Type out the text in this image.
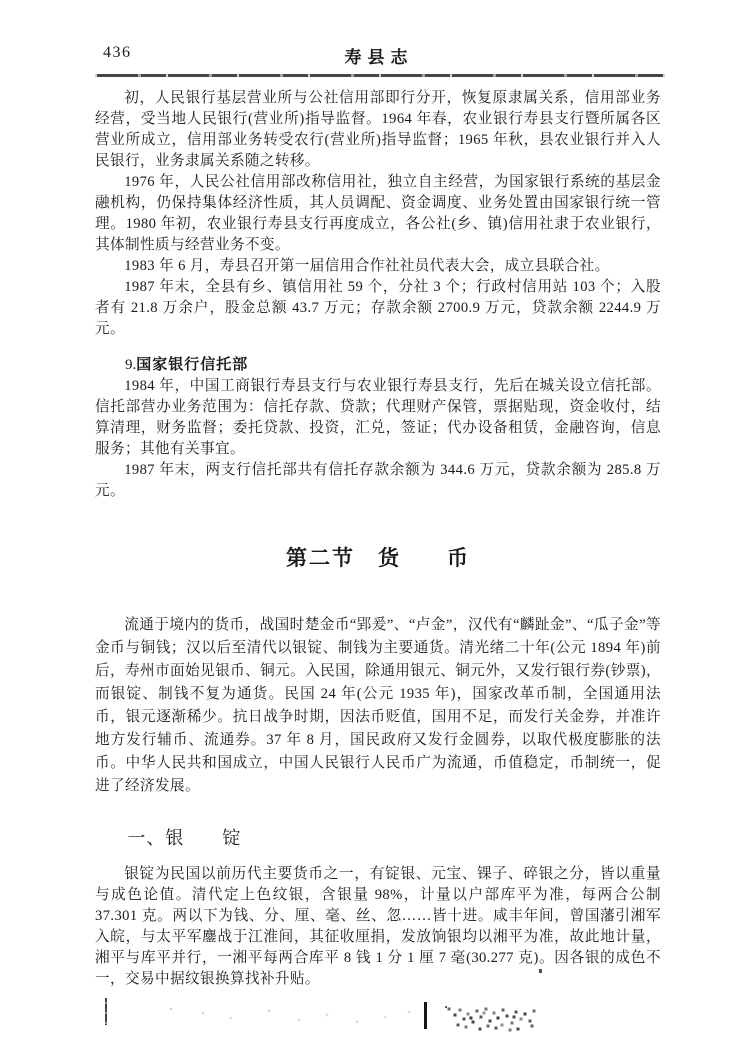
436	寿县志

初，人民银行基层营业所与公社信用部即行分开，恢复原隶属关系，信用部业务经营，受当地人民银行(营业所)指导监督。1964 年春，农业银行寿县支行暨所属各区营业所成立，信用部业务转受农行(营业所)指导监督；1965 年秋，县农业银行并入人民银行，业务隶属关系随之转移。

1976 年，人民公社信用部改称信用社，独立自主经营，为国家银行系统的基层金融机构，仍保持集体经济性质，其人员调配、资金调度、业务处置由国家银行统一管理。1980 年初，农业银行寿县支行再度成立，各公社(乡、镇)信用社隶于农业银行，其体制性质与经营业务不变。

1983 年 6 月，寿县召开第一届信用合作社社员代表大会，成立县联合社。

1987 年末，全县有乡、镇信用社 59 个，分社 3 个；行政村信用站 103 个；入股者有 21.8 万余户，股金总额 43.7 万元；存款余额 2700.9 万元，贷款余额 2244.9 万元。

9.国家银行信托部

1984 年，中国工商银行寿县支行与农业银行寿县支行，先后在城关设立信托部。信托部营办业务范围为：信托存款、贷款；代理财产保管，票据贴现，资金收付，结算清理，财务监督；委托贷款、投资，汇兑，签证；代办设备租赁，金融咨询，信息服务；其他有关事宜。

1987 年末，两支行信托部共有信托存款余额为 344.6 万元，贷款余额为 285.8 万元。

第二节　货　　币

流通于境内的货币，战国时楚金币“郢爰”、“卢金”，汉代有“麟趾金”、“瓜子金”等金币与铜钱；汉以后至清代以银锭、制钱为主要通货。清光绪二十年(公元 1894 年)前后，寿州市面始见银币、铜元。入民国，除通用银元、铜元外，又发行银行券(钞票)，而银锭、制钱不复为通货。民国 24 年(公元 1935 年)，国家改革币制，全国通用法币，银元逐渐稀少。抗日战争时期，因法币贬值，国用不足，而发行关金券，并准许地方发行辅币、流通券。37 年 8 月，国民政府又发行金圆券，以取代极度膨胀的法币。中华人民共和国成立，中国人民银行人民币广为流通，币值稳定，币制统一，促进了经济发展。

一、银　　锭

银锭为民国以前历代主要货币之一，有锭银、元宝、锞子、碎银之分，皆以重量与成色论值。清代定上色纹银，含银量 98%，计量以户部库平为准，每两合公制 37.301 克。两以下为钱、分、厘、毫、丝、忽……皆十进。咸丰年间，曾国藩引湘军入皖，与太平军鏖战于江淮间，其征收厘捐，发放饷银均以湘平为准，故此地计量，湘平与库平并行，一湘平每两合库平 8 钱 1 分 1 厘 7 毫(30.277 克)。因各银的成色不一，交易中据纹银换算找补升贴。
